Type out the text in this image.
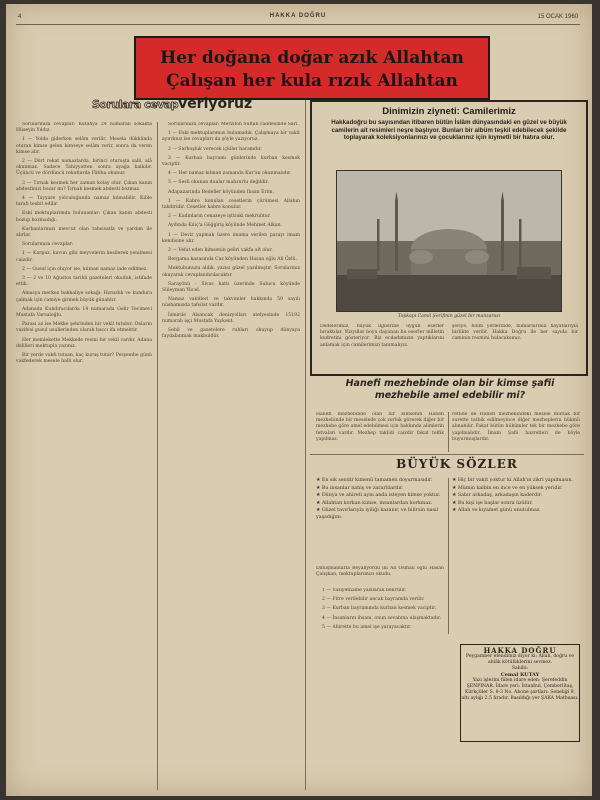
4	HAKKA DOĞRU	15 OCAK 1960
Her doğana doğar azık Allahtan
Çalışan her kula rızık Allahtan
Sorulara cevapveriyoruz

Sorularınıza cevaplar: Kütahya 24 numaralı sokakta Hüseyin Yıldız.

1 — Yolda giderken selâm verilir. Mesela dükkânda oturan kimse gelen kimseye selâm verir, sonra da veren kimse alır.

2 — Dört rekat namazlarda, birinci oturuşta salli, alâ okunmaz. Sadece Tahiyyatten sonra ayağa kalkılır. Üçüncü ve dördüncü rekatlarda Fâtiha okunur.

3 — Tırnak kesmek her zaman kolay olur. Çıkan kanın abdestinizi bozar mı? Tırnak kesmek abdesti bozmaz.

4 — Tayyare yolculuğunda namaz kılınabilir. Kıble tarafı tesbit edilir.

Eski mektuplarımda bulunanlar: Çıkan kanın abdesti bozup bozmadığı.

Kurbanlarınızı mevcut olan tahsisatla ve yardım ile alırlar.

Sorularınıza cevaplar:

1 — Karpuz, kavun gibi meyvelerin kesilerek yenilmesi caizdir.

2 — Gusul için oluyor ise, kılınan namaz iade edilmez.

3 — 2 ve 10 Ağustos tarihli gazeteleri okuduk, istifade ettik.

Amasya merkez bakkaliye sokağı: Hırsızlık ve kundura çalmak için camiye girmek büyük günahtır.

Adanada Kundıracılarda 14 numarada Gelir Tecimevi Mustafa Varsaloğlu.

Parası az ise Mekke şehrinden bir vekil tutulur. Onların vazifesi gusul usullerinden olarak haccı ifa etmektir.

Her memlekette Mekkede resmi bir vekil vardır. Adana delilleri mektupla yazınız.

Bir yerde vakfı tutsan, kaç kuruş tutar? Perşembe günü vakfederek mesele halli olur.

Sorularınıza cevaplar: Merzifon Sultan caddesinde Sarı.

1 — Eski mektuplarımızı bulamadık. Çalışmaya bir vakit ayırdınız ise cevapları da şöyle yazıyoruz.

2 — Sarhoşluk verecek içkiler haramdır.

3 — Kurban bayramı günlerinde kurban kesmek vaciptir.

4 — Her namaz kılınan zamanda Kur'an okunmalıdır.

5 — Sesli okunan dualar mahzurlu değildir.

Adapazarında Bedeller köyünden Ihsan Erim.

1 — Kabre konulan cesetlerin çürümesi Allahın takdiridir. Cesetler kabre konulur.

2 — Kadınların cenazeye iştiraki mekruhtur.

Aydında Kılıç'a Göğgiriş köyünde Mehmet Alkan.

1 — Devir yapmak üzere imama verilen parayı imam kendisine alır.

2 — Vefat eden kimsenin geliri vakfa ait olur.

Bergama kazasında Caz köyünden Hasan oğlu Ali Özlü.

Mektubunuzu aldık, yazısı güzel yazılmıştır. Sorularınız okuyarak cevaplandırılacaktır.

Sarayönü - Sivas hattı üzerinde Sulucu köyünde Süleyman Yücel.

Namaz vakitleri ve takvimler hakkında 59 sayılı nüshamızda tafsilat vardır.

İzmirde Alsancak denizyolları atelyesinde 15192 numaralı işçi Mustafa Yaykent.

Sebil ve gazetelere ruhları okuyup dünyaya faydalanmak makbuldür.

Dinimizin ziyneti: Camilerimiz
Hakkadoğru bu sayısından itibaren bütün İslâm dünyasındaki en güzel ve büyük camilerin ait resimleri neşre başlıyor. Bunları bir albüm teşkil edebilecek şekilde toplayarak koleksiyonlarınızı ve çocuklarınız için kıymetli bir hatıra olur.
Topkapı Camii Şerifinin güzel bir manzarası
Dedelerimiz, büyük ilgilerine uygun eserler bıraktılar. Yüzyıllar boyu dayanan bu eserler milletin kudretini gösteriyor. Biz ecdadımızın yaptıklarını anlamak için camilerimizi tanımalıyız.
şeriye, bilim yerlerinde, mimarlarının hayatlarıyla birlikte verilir. Hakka Doğru ile her sayıda bir caminin resmini bulacaksınız.
Hanefi mezhebinde olan bir kimse şafii mezhebile amel edebilir mi?
Hanefi mezhebinde olan bir kimsenin Hanefi mezhebinde bir meselede çok zorluk görerek diğer bir mezhebe göre amel edebilmesi için hakkında alimlerin fetvaları vardır. Mezhep taklidi caizdir fakat telfik yapılmaz.
rethne de Hanefi mezhebindeki mesele mutlak bir surette tatbik edilmeyince diğer mezheplerin hükmü alınabilir. Fakat bütün hükümler tek bir mezhebe göre yapılmalıdır. İmam Şafii hazretleri de böyle buyurmuşlardır.
BÜYÜK SÖZLER
★ En sık sendir kımenü tamamen doyurmasıdır.
★ Bu insanlar nahiş ve zararlılardır.
★ Dünya ve ahireti aynı anda isteyen kimse yoktur.
★ Allahtan korkan kimse, insanlardan korkmaz.
★ Güzel tavırlarıyla iyiliği kazanır, ve bilirsin nasıl yaşadığını.
★ Hiç bir vakit yoktur ki Allah'ın zikri yapılmasın.
★ Mümin kalbin en ince ve en yüksek yeridir.
★ Sabır arkadaş, arkadaşın kaderdir.
★ Bu kişi işe başlar sonra üzülür.
★ Allah ve kıyamet günü unutulmaz.
Danışmanlarla Beyalıyordu iki Ali Osman oğlu Hasan Çalışkan, mektuplarımızı okudu.

1 — Vasiyetname yazılarak belirtilir.

2 — Fitre verilebilir ancak bayramda verilir.

3 — Kurban bayramında kurban kesmek vaciptir.

4 — İnsanların ihsanı, onun sevabına ulaşmaktadır.

5 — Ahirette bu amel işe yarayacaktır.

HAKKA DOĞRU
Peygamber efendimiz diyor ki: Allah, doğru ve ahlâk kötülüklerini sevmez.
Sahibi:
Cemal KUTAY
Yazı işlerini fiilen idare eden: Şerefeddin ŞENPINAR. İdare yeri: İstanbul, Çemberlitaş, Kürkçüler S. 8-3 No. Abone şartları: Seneliği 9, altı aylığı 2.5 liradır. Basıldığı yer ŞAKA Matbaası.
